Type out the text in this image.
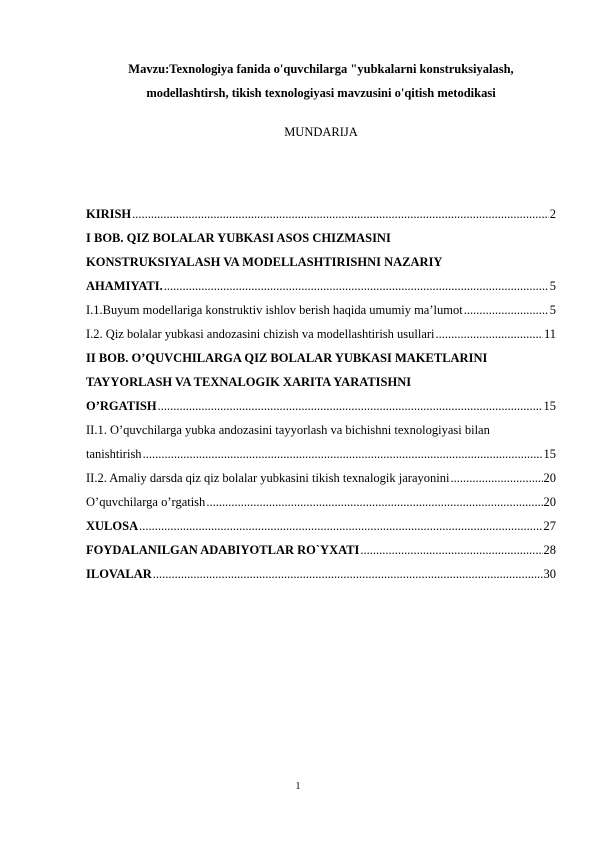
Mavzu:Texnologiya fanida o'quvchilarga "yubkalarni konstruksiyalash,
modellashtirsh, tikish texnologiyasi mavzusini o'qitish metodikasi
MUNDARIJA
KIRISH .....	2
I BOB. QIZ BOLALAR YUBKASI ASOS CHIZMASINI
KONSTRUKSIYALASH VA MODELLASHTIRISHNI NAZARIY
AHAMIYATI. .....	5
I.1.Buyum modellariga konstruktiv ishlov berish haqida umumiy ma’lumot .....	5
I.2. Qiz bolalar yubkasi andozasini chizish va modellashtirish usullari .....	11
II BOB. O’QUVCHILARGA QIZ BOLALAR YUBKASI MAKETLARINI
TAYYORLASH VA TEXNALOGIK XARITA YARATISHNI
O’RGATISH .....	15
II.1. O’quvchilarga yubka andozasini tayyorlash va bichishni texnologiyasi bilan
tanishtirish .....	15
II.2. Amaliy darsda qiz qiz bolalar yubkasini tikish texnalogik jarayonini .....	20
O’quvchilarga o’rgatish .....	20
XULOSA .....	27
FOYDALANILGAN ADABIYOTLAR RO`YXATI .....	28
ILOVALAR .....	30
1
